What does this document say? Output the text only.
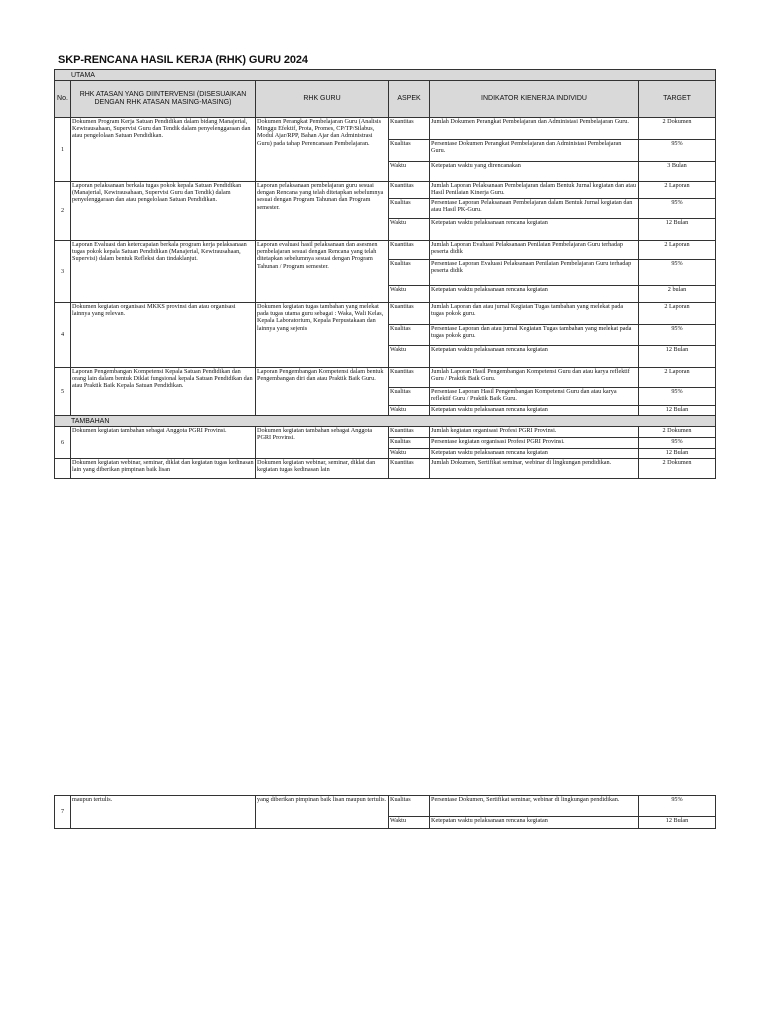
SKP-RENCANA HASIL KERJA (RHK) GURU 2024
UTAMA					
No.	RHK ATASAN YANG DIINTERVENSI (DISESUAIKAN DENGAN RHK ATASAN MASING-MASING)	RHK GURU	ASPEK	INDIKATOR KIENERJA INDIVIDU	TARGET
1	Dokumen Program Kerja Satuan Pendidikan dalam bidang Manajerial, Kewirausahaan, Supervisi Guru dan Tendik dalam penyelenggaraan dan atau pengelolaan Satuan Pendidikan.	Dokumen Perangkat Pembelajaran Guru (Analisis Minggu Efektif, Prota, Promes, CP/TP/Silabus, Modul Ajar/RPP, Bahan Ajar dan Administrasi Guru) pada tahap Perencanaan Pembelajaran.	Kuantitas	Jumlah Dokumen Perangkat Pembelajaran dan Administasi Pembelajaran Guru.	2 Dokumen
			Kualitas	Persentase Dokumen Perangkat Pembelajaran dan Administasi Pembelajaran Guru.	95%
			Waktu	Ketepatan waktu yang direncanakan	3 Bulan
2	Laporan pelaksanaan berkala tugas pokok kepala Satuan Pendidikan (Manajerial, Kewirausahaan, Supervisi Guru dan Tendik) dalam penyelenggaraan dan atau pengelolaan Satuan Pendidikan.	Laporan pelaksanaan pembelajaran guru sesuai dengan Rencana yang telah ditetapkan sebelumnya sesuai dengan Program Tahunan dan Program semester.	Kuantitas	Jumlah Laporan Pelaksanaan Pembelajaran dalam Bentuk Jurnal kegiatan dan atau Hasil Penilaian Kinerja Guru.	2 Laporan
			Kualitas	Persentase Laporan Pelaksanaan Pembelajaran dalam Bentuk Jurnal kegiatan dan atau Hasil PK-Guru.	95%
			Waktu	Ketepatan waktu pelaksanaan rencana kegiatan	12 Bulan
3	Laporan Evaluasi dan ketercapaian berkala program kerja pelaksanaan tugas pokok kepala Satuan Pendidikan (Manajerial, Kewirausahaan, Supervisi) dalam bentuk Refleksi dan tindaklanjut.	Laporan evaluasi hasil pelaksanaan dan asesmen pembelajaran sesuai dengan Rencana yang telah ditetapkan sebelumnya sesuai dengan Program Tahunan / Program semester.	Kuantitas	Jumlah Laporan Evaluasi Pelaksanaan Penilaian Pembelajaran Guru terhadap peserta didik	2 Laporan
			Kualitas	Persentase Laporan Evaluasi Pelaksanaan Penilaian Pembelajaran Guru terhadap peserta didik	95%
			Waktu	Ketepatan waktu pelaksanaan rencana kegiatan	2 bulan
4	Dokumen kegiatan organisasi MKKS provinsi dan atau organisasi lainnya yang relevan.	Dokumen kegiatan tugas tambahan yang melekat pada tugas utama guru sebagai : Waka, Wali Kelas, Kepala Laboratorium, Kepala Perpustakaan dan lainnya yang sejenis	Kuantitas	Jumlah Laporan dan atau jurnal Kegiatan Tugas tambahan yang melekat pada tugas pokok guru.	2 Laporan
			Kualitas	Persentase Laporan dan atau jurnal Kegiatan Tugas tambahan yang melekat pada tugas pokok guru.	95%
			Waktu	Ketepatan waktu pelaksanaan rencana kegiatan	12 Bulan
5	Laporan Pengembangan Kompetensi Kepala Satuan Pendidikan dan orang lain dalam bentuk Diklat fungsional kepala Satuan Pendidikan dan atau Praktik Baik Kepala Satuan Pendidikan.	Laporan Pengembangan Kompetensi dalam bentuk Pengembangan diri dan atau Praktik Baik Guru.	Kuantitas	Jumlah Laporan Hasil Pengembangan Kompetensi Guru dan atau karya reflektif Guru / Praktik Baik Guru.	2 Laporan
			Kualitas	Persentase Laporan Hasil Pengembangan Kompetensi Guru dan atau karya reflektif Guru / Praktik Baik Guru.	95%
			Waktu	Ketepatan waktu pelaksanaan rencana kegiatan	12 Bulan
TAMBAHAN					
6	Dokumen kegiatan tambahan sebagai Anggota PGRI Provinsi.	Dokumen kegiatan tambahan sebagai Anggota PGRI Provinsi.	Kuantitas	Jumlah kegiatan organisasi Profesi PGRI Provinsi.	2 Dokumen
			Kualitas	Persentase kegiatan organisasi Profesi PGRI Provinsi.	95%
			Waktu	Ketepatan waktu pelaksanaan rencana kegiatan	12 Bulan

	Dokumen kegiatan webinar, seminar, diklat dan kegiatan tugas kedinasan lain yang diberikan pimpinan baik lisan	Dokumen kegiatan webinar, seminar, diklat dan kegiatan tugas kedinasan lain	Kuantitas	Jumlah Dokumen, Sertifikat seminar, webinar di lingkungan pendidikan.	2 Dokumen
7	maupun tertulis.	yang diberikan pimpinan baik lisan maupun tertulis.	Kualitas	Persentase Dokumen, Sertifikat seminar, webinar di lingkungan pendidikan.	95%
			Waktu	Ketepatan waktu pelaksanaan rencana kegiatan	12 Bulan
